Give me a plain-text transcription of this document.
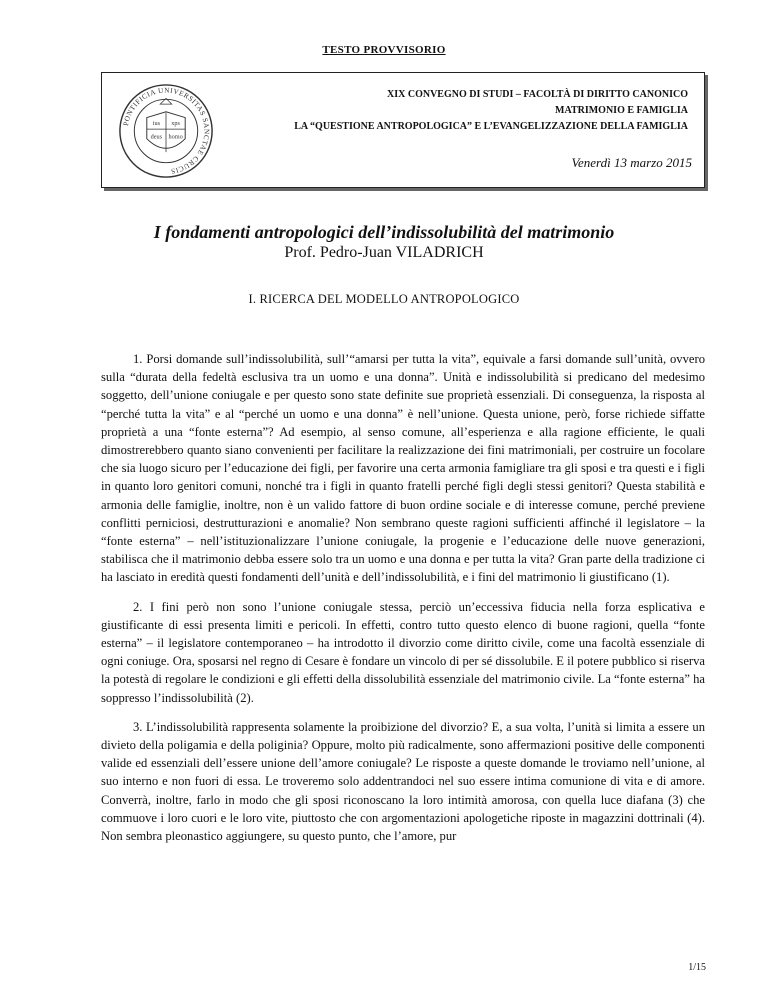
TESTO PROVVISORIO
PONTIFICIA UNIVERSITAS SANCTAE CRUCIS
ius xps
deus homo
XIX CONVEGNO DI STUDI – FACOLTÀ DI DIRITTO CANONICO
MATRIMONIO E FAMIGLIA
LA “QUESTIONE ANTROPOLOGICA” E L’EVANGELIZZAZIONE DELLA FAMIGLIA
Venerdì 13 marzo 2015
I fondamenti antropologici dell’indissolubilità del matrimonio
Prof. Pedro-Juan VILADRICH
I. RICERCA DEL MODELLO ANTROPOLOGICO

1. Porsi domande sull’indissolubilità, sull’“amarsi per tutta la vita”, equivale a farsi domande sull’unità, ovvero sulla “durata della fedeltà esclusiva tra un uomo e una donna”. Unità e indissolubilità si predicano del medesimo soggetto, dell’unione coniugale e per questo sono state definite sue proprietà essenziali. Di conseguenza, la risposta al “perché tutta la vita” e al “perché un uomo e una donna” è nell’unione. Questa unione, però, forse richiede siffatte proprietà a una “fonte esterna”? Ad esempio, al senso comune, all’esperienza e alla ragione efficiente, le quali dimostrerebbero quanto siano convenienti per facilitare la realizzazione dei fini matrimoniali, per costruire un focolare che sia luogo sicuro per l’educazione dei figli, per favorire una certa armonia famigliare tra gli sposi e tra questi e i figli in quanto loro genitori comuni, nonché tra i figli in quanto fratelli perché figli degli stessi genitori? Questa stabilità e armonia delle famiglie, inoltre, non è un valido fattore di buon ordine sociale e di interesse comune, perché previene conflitti perniciosi, destrutturazioni e anomalie? Non sembrano queste ragioni sufficienti affinché il legislatore – la “fonte esterna” – nell’istituzionalizzare l’unione coniugale, la progenie e l’educazione delle nuove generazioni, stabilisca che il matrimonio debba essere solo tra un uomo e una donna e per tutta la vita? Gran parte della tradizione ci ha lasciato in eredità questi fondamenti dell’unità e dell’indissolubilità, e i fini del matrimonio li giustificano (1).

2. I fini però non sono l’unione coniugale stessa, perciò un’eccessiva fiducia nella forza esplicativa e giustificante di essi presenta limiti e pericoli. In effetti, contro tutto questo elenco di buone ragioni, quella “fonte esterna” – il legislatore contemporaneo – ha introdotto il divorzio come diritto civile, come una facoltà essenziale di ogni coniuge. Ora, sposarsi nel regno di Cesare è fondare un vincolo di per sé dissolubile. E il potere pubblico si riserva la potestà di regolare le condizioni e gli effetti della dissolubilità essenziale del matrimonio civile. La “fonte esterna” ha soppresso l’indissolubilità (2).

3. L’indissolubilità rappresenta solamente la proibizione del divorzio? E, a sua volta, l’unità si limita a essere un divieto della poligamia e della poliginia? Oppure, molto più radicalmente, sono affermazioni positive delle componenti valide ed essenziali dell’essere unione dell’amore coniugale? Le risposte a queste domande le troviamo nell’unione, al suo interno e non fuori di essa. Le troveremo solo addentrandoci nel suo essere intima comunione di vita e di amore. Converrà, inoltre, farlo in modo che gli sposi riconoscano la loro intimità amorosa, con quella luce diafana (3) che commuove i loro cuori e le loro vite, piuttosto che con argomentazioni apologetiche riposte in magazzini dottrinali (4). Non sembra pleonastico aggiungere, su questo punto, che l’amore, pur

1/15
